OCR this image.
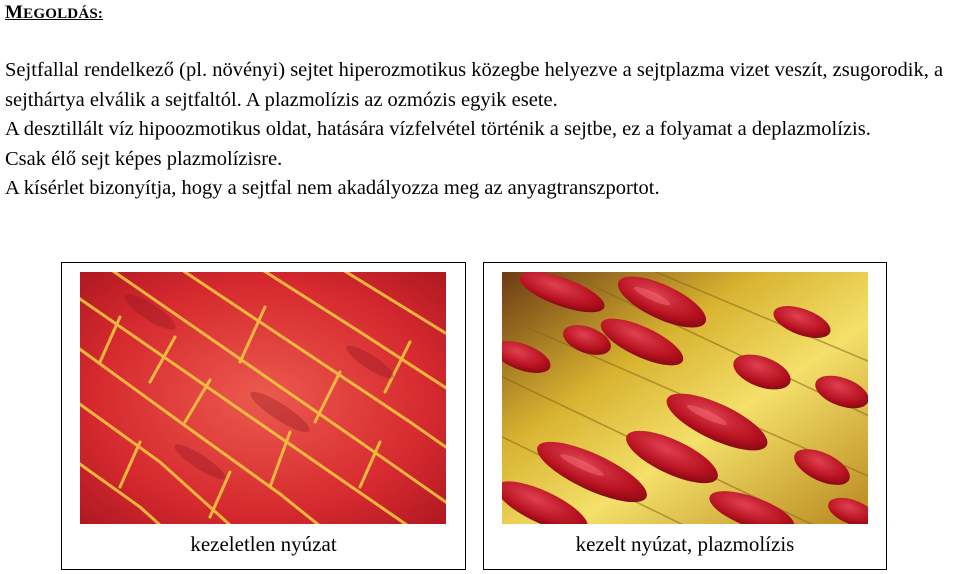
MEGOLDÁS:

Sejtfallal rendelkező (pl. növényi) sejtet hiperozmotikus közegbe helyezve a sejtplazma vizet veszít, zsugorodik, a sejthártya elválik a sejtfaltól. A plazmolízis az ozmózis egyik esete.

A desztillált víz hipoozmotikus oldat, hatására vízfelvétel történik a sejtbe, ez a folyamat a deplazmolízis.

Csak élő sejt képes plazmolízisre.

A kísérlet bizonyítja, hogy a sejtfal nem akadályozza meg az anyagtranszportot.

kezeletlen nyúzat	kezelt nyúzat, plazmolízis
